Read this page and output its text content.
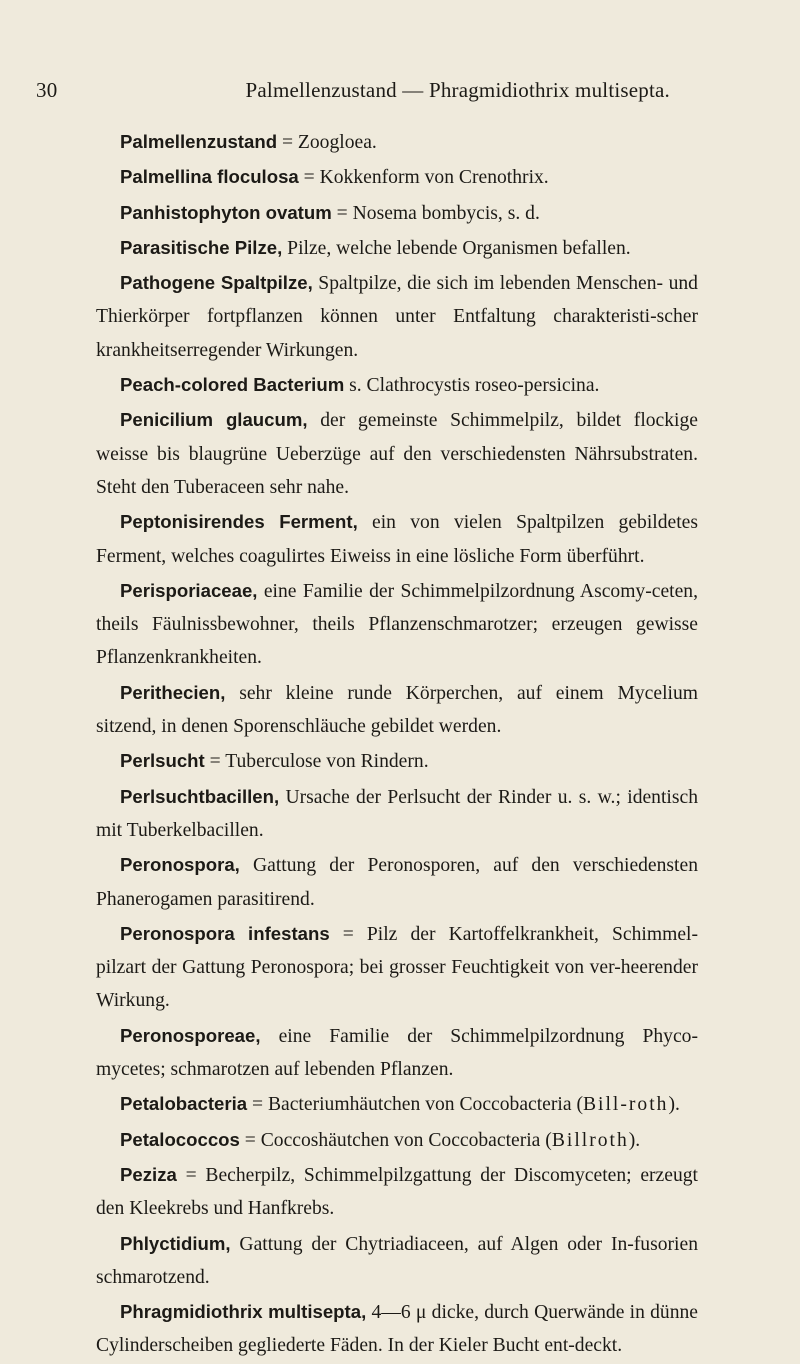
30	Palmellenzustand — Phragmidiothrix multisepta.

Palmellenzustand = Zoogloea.

Palmellina floculosa = Kokkenform von Crenothrix.

Panhistophyton ovatum = Nosema bombycis, s. d.

Parasitische Pilze, Pilze, welche lebende Organismen befallen.

Pathogene Spaltpilze, Spaltpilze, die sich im lebenden Menschen- und Thierkörper fortpflanzen können unter Entfaltung charakteristi-scher krankheitserregender Wirkungen.

Peach-colored Bacterium s. Clathrocystis roseo-persicina.

Penicilium glaucum, der gemeinste Schimmelpilz, bildet flockige weisse bis blaugrüne Ueberzüge auf den verschiedensten Nährsubstraten. Steht den Tuberaceen sehr nahe.

Peptonisirendes Ferment, ein von vielen Spaltpilzen gebildetes Ferment, welches coagulirtes Eiweiss in eine lösliche Form überführt.

Perisporiaceae, eine Familie der Schimmelpilzordnung Ascomy-ceten, theils Fäulnissbewohner, theils Pflanzenschmarotzer; erzeugen gewisse Pflanzenkrankheiten.

Perithecien, sehr kleine runde Körperchen, auf einem Mycelium sitzend, in denen Sporenschläuche gebildet werden.

Perlsucht = Tuberculose von Rindern.

Perlsuchtbacillen, Ursache der Perlsucht der Rinder u. s. w.; identisch mit Tuberkelbacillen.

Peronospora, Gattung der Peronosporen, auf den verschiedensten Phanerogamen parasitirend.

Peronospora infestans = Pilz der Kartoffelkrankheit, Schimmel-pilzart der Gattung Peronospora; bei grosser Feuchtigkeit von ver-heerender Wirkung.

Peronosporeae, eine Familie der Schimmelpilzordnung Phyco-mycetes; schmarotzen auf lebenden Pflanzen.

Petalobacteria = Bacteriumhäutchen von Coccobacteria (Bill-roth).

Petalococcos = Coccoshäutchen von Coccobacteria (Billroth).

Peziza = Becherpilz, Schimmelpilzgattung der Discomyceten; erzeugt den Kleekrebs und Hanfkrebs.

Phlyctidium, Gattung der Chytriadiaceen, auf Algen oder In-fusorien schmarotzend.

Phragmidiothrix multisepta, 4—6 μ dicke, durch Querwände in dünne Cylinderscheiben gegliederte Fäden. In der Kieler Bucht ent-deckt.
